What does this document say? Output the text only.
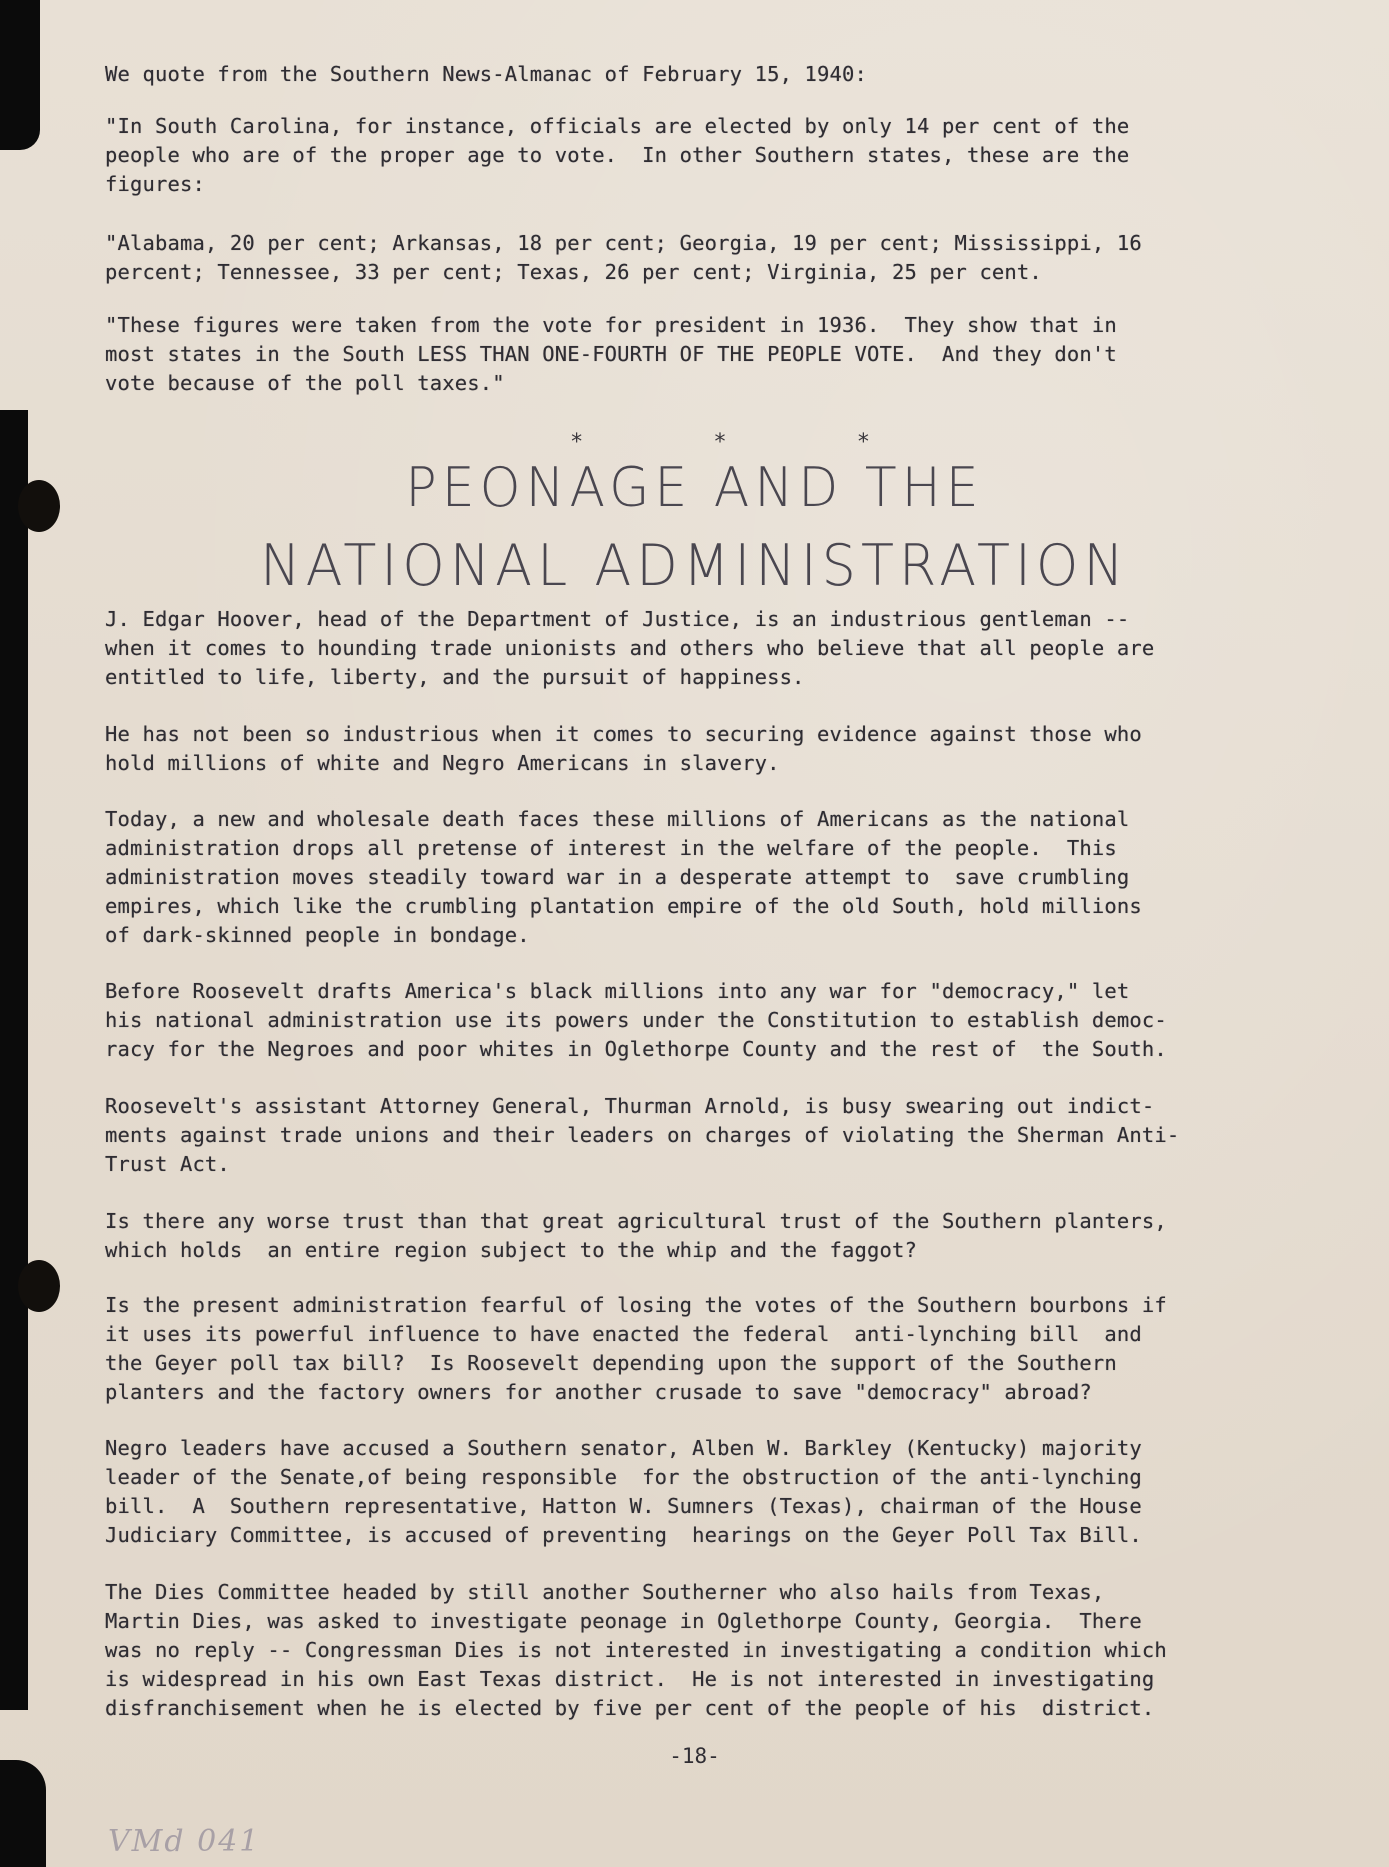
We quote from the Southern News-Almanac of February 15, 1940:
"In South Carolina, for instance, officials are elected by only 14 per cent of the
people who are of the proper age to vote.  In other Southern states, these are the
figures:
"Alabama, 20 per cent; Arkansas, 18 per cent; Georgia, 19 per cent; Mississippi, 16
percent; Tennessee, 33 per cent; Texas, 26 per cent; Virginia, 25 per cent.
"These figures were taken from the vote for president in 1936.  They show that in
most states in the South LESS THAN ONE-FOURTH OF THE PEOPLE VOTE.  And they don't
vote because of the poll taxes."
*	*	*
PEONAGE AND THE
NATIONAL ADMINISTRATION
J. Edgar Hoover, head of the Department of Justice, is an industrious gentleman --
when it comes to hounding trade unionists and others who believe that all people are
entitled to life, liberty, and the pursuit of happiness.
He has not been so industrious when it comes to securing evidence against those who
hold millions of white and Negro Americans in slavery.
Today, a new and wholesale death faces these millions of Americans as the national
administration drops all pretense of interest in the welfare of the people.  This
administration moves steadily toward war in a desperate attempt to  save crumbling
empires, which like the crumbling plantation empire of the old South, hold millions
of dark-skinned people in bondage.
Before Roosevelt drafts America's black millions into any war for "democracy," let
his national administration use its powers under the Constitution to establish democ-
racy for the Negroes and poor whites in Oglethorpe County and the rest of  the South.
Roosevelt's assistant Attorney General, Thurman Arnold, is busy swearing out indict-
ments against trade unions and their leaders on charges of violating the Sherman Anti-
Trust Act.
Is there any worse trust than that great agricultural trust of the Southern planters,
which holds  an entire region subject to the whip and the faggot?
Is the present administration fearful of losing the votes of the Southern bourbons if
it uses its powerful influence to have enacted the federal  anti-lynching bill  and
the Geyer poll tax bill?  Is Roosevelt depending upon the support of the Southern
planters and the factory owners for another crusade to save "democracy" abroad?
Negro leaders have accused a Southern senator, Alben W. Barkley (Kentucky) majority
leader of the Senate,of being responsible  for the obstruction of the anti-lynching
bill.  A  Southern representative, Hatton W. Sumners (Texas), chairman of the House
Judiciary Committee, is accused of preventing  hearings on the Geyer Poll Tax Bill.
The Dies Committee headed by still another Southerner who also hails from Texas,
Martin Dies, was asked to investigate peonage in Oglethorpe County, Georgia.  There
was no reply -- Congressman Dies is not interested in investigating a condition which
is widespread in his own East Texas district.  He is not interested in investigating
disfranchisement when he is elected by five per cent of the people of his  district.
-18-
VMd 041
